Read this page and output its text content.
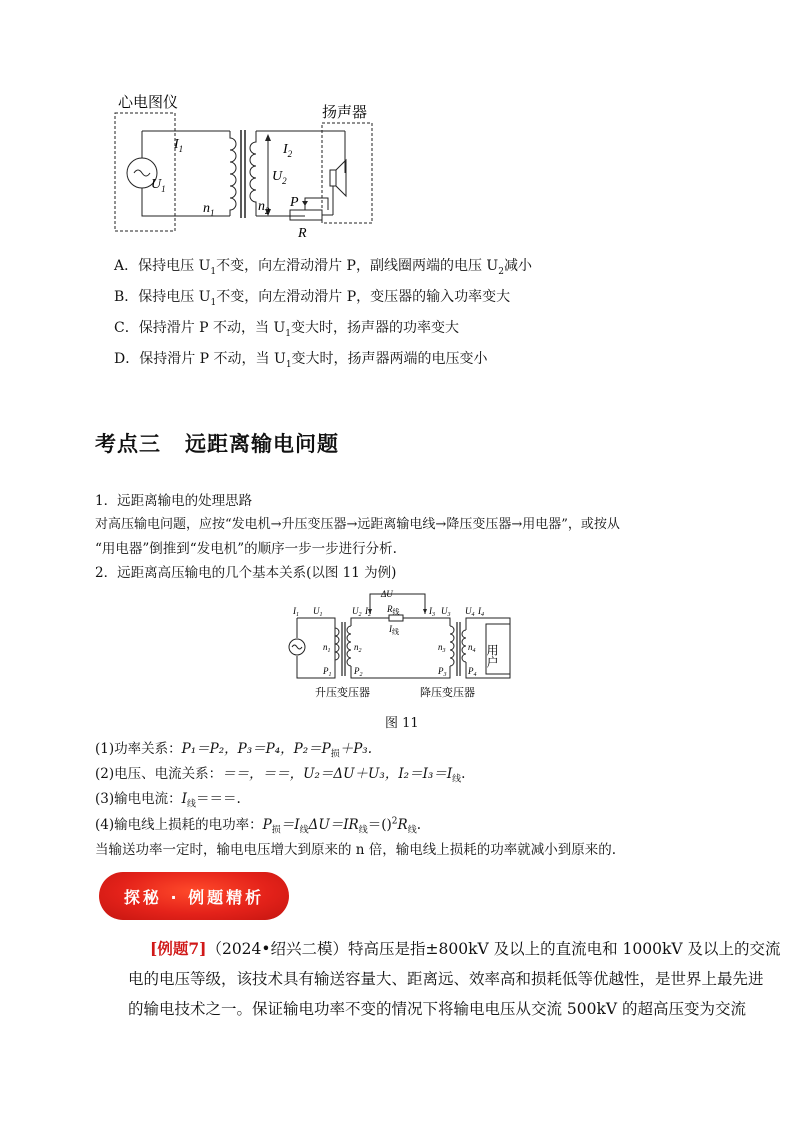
心电图仪
扬声器
$I_1$
$U_1$
$n_1$
$I_2$
$U_2$
$n_2$
P
R
A．保持电压 $U_1$不变，向左滑动滑片 P，副线圈两端的电压 $U_2$减小
B．保持电压 $U_1$不变，向左滑动滑片 P，变压器的输入功率变大
C．保持滑片 P 不动，当 $U_1$变大时，扬声器的功率变大
D．保持滑片 P 不动，当 $U_1$变大时，扬声器两端的电压变小
考点三 远距离输电问题
1．远距离输电的处理思路
对高压输电问题，应按“发电机→升压变压器→远距离输电线→降压变压器→用电器”，或按从
“用电器”倒推到“发电机”的顺序一步一步进行分析.
2．远距离高压输电的几个基本关系(以图 11 为例)
用户
ΔU
$R_线$
$I_线$
$I_1$ $U_1$	$U_2$ $I_2$	$I_3$ $U_3$ $U_4$ $I_4$
$n_1$	$n_2$	$n_3$	$n_4$
$P_1$	$P_2$	$P_3$ $P_4$
升压变压器	降压变压器
图 11
(1)功率关系：P₁＝P₂，P₃＝P₄，$P_2=P_损+P_3$.
(2)电压、电流关系：＝＝，＝＝，U₂＝ΔU＋U₃，$I_2=I_3=I_线$.
(3)输电电流：$I_线===$.
(4)输电线上损耗的电功率：$P_损=I_线\Delta U=IR_线=()^2R_线$.
当输送功率一定时，输电电压增大到原来的 n 倍，输电线上损耗的功率就减小到原来的.
探秘 · 例题精析
[例题7]（2024•绍兴二模）特高压是指±800kV 及以上的直流电和 1000kV 及以上的交流
电的电压等级，该技术具有输送容量大、距离远、效率高和损耗低等优越性，是世界上最先进
的输电技术之一。保证输电功率不变的情况下将输电电压从交流 500kV 的超高压变为交流
